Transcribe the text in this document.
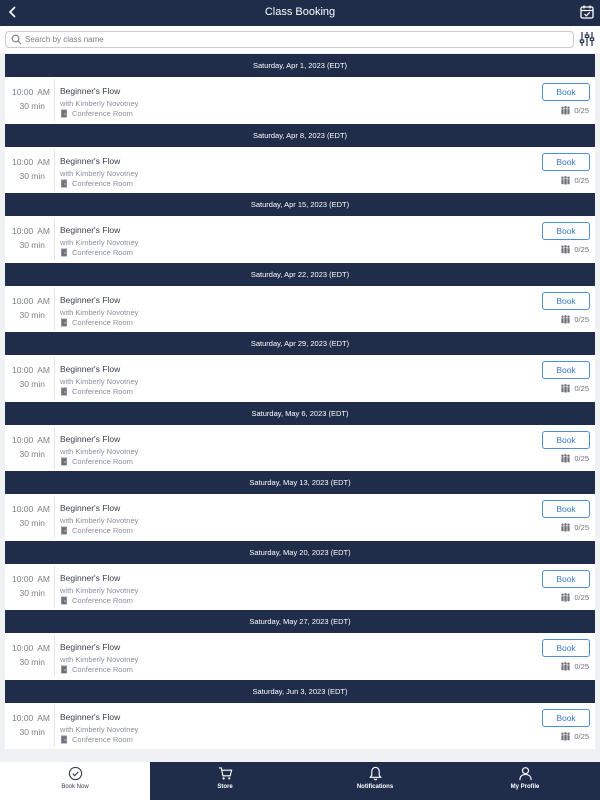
Class Booking
Search by class name
Saturday, Apr 1, 2023 (EDT)
10:00 AM
30 min
Beginner's Flow
with Kimberly Novotney
Conference Room
Book
0/25
Saturday, Apr 8, 2023 (EDT)
10:00 AM
30 min
Beginner's Flow
with Kimberly Novotney
Conference Room
Book
0/25
Saturday, Apr 15, 2023 (EDT)
10:00 AM
30 min
Beginner's Flow
with Kimberly Novotney
Conference Room
Book
0/25
Saturday, Apr 22, 2023 (EDT)
10:00 AM
30 min
Beginner's Flow
with Kimberly Novotney
Conference Room
Book
0/25
Saturday, Apr 29, 2023 (EDT)
10:00 AM
30 min
Beginner's Flow
with Kimberly Novotney
Conference Room
Book
0/25
Saturday, May 6, 2023 (EDT)
10:00 AM
30 min
Beginner's Flow
with Kimberly Novotney
Conference Room
Book
0/25
Saturday, May 13, 2023 (EDT)
10:00 AM
30 min
Beginner's Flow
with Kimberly Novotney
Conference Room
Book
0/25
Saturday, May 20, 2023 (EDT)
10:00 AM
30 min
Beginner's Flow
with Kimberly Novotney
Conference Room
Book
0/25
Saturday, May 27, 2023 (EDT)
10:00 AM
30 min
Beginner's Flow
with Kimberly Novotney
Conference Room
Book
0/25
Saturday, Jun 3, 2023 (EDT)
10:00 AM
30 min
Beginner's Flow
with Kimberly Novotney
Conference Room
Book
0/25
Book Now	Store	Notifications	My Profile
